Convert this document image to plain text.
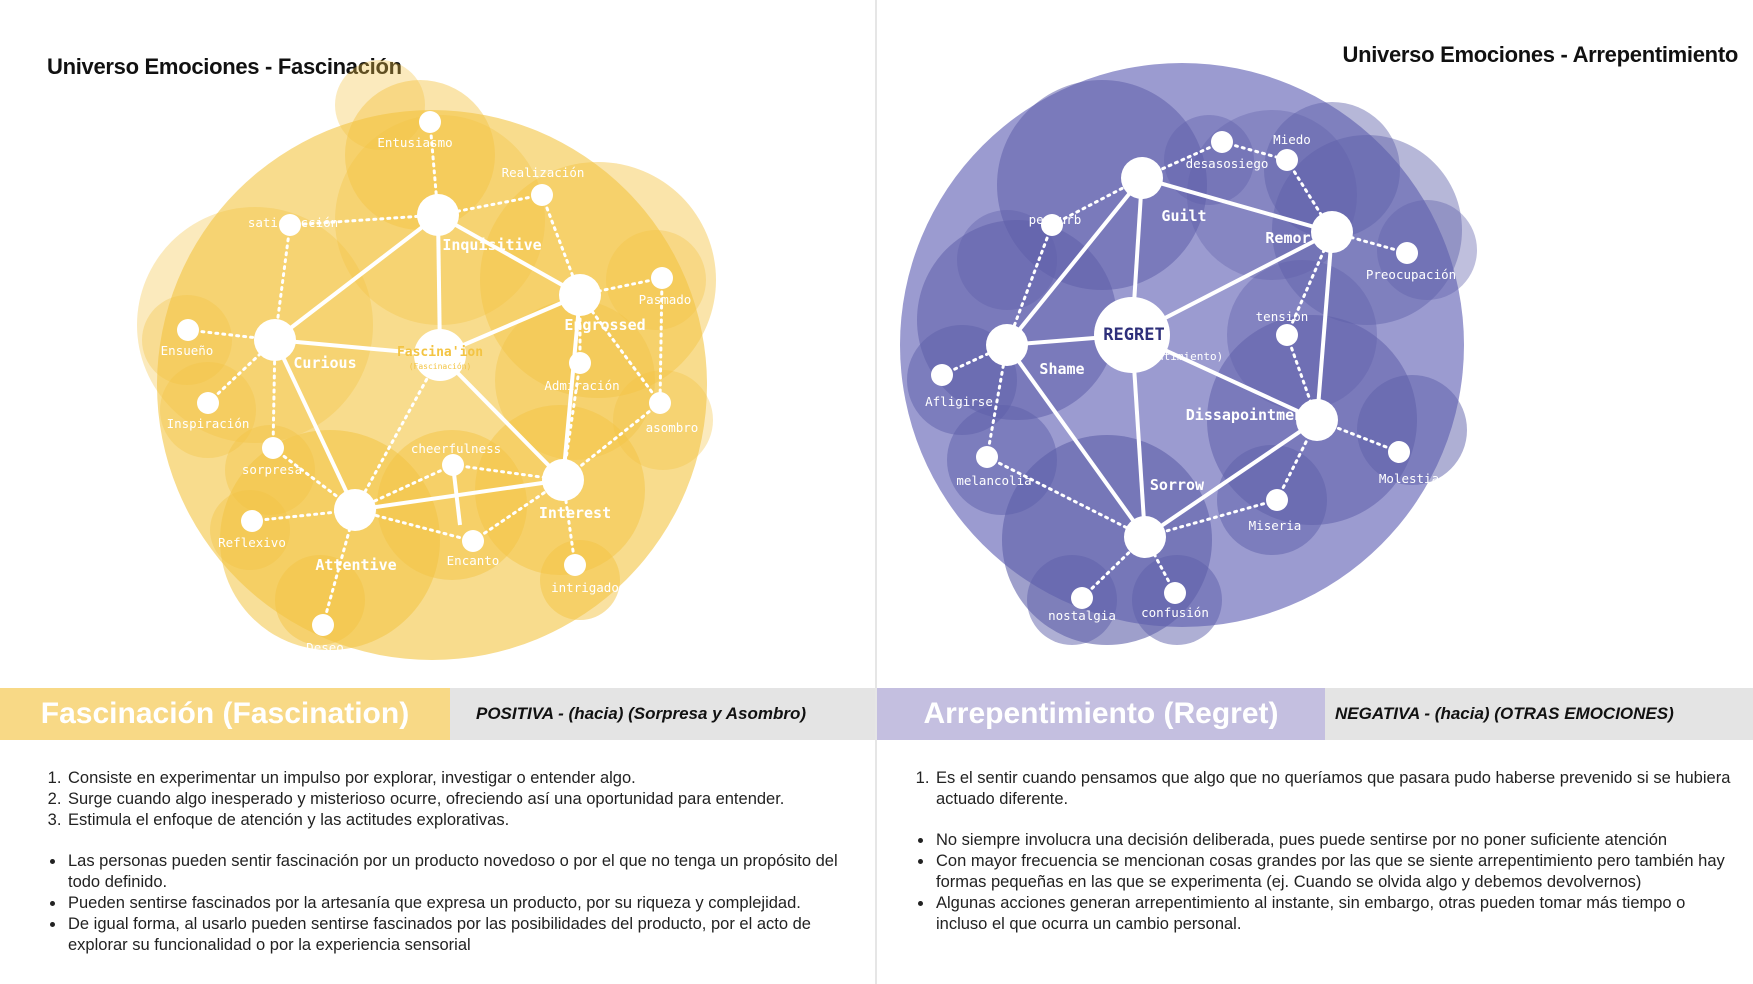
Universo Emociones - Fascinación
Fascina'ion
(Fascinación)
Inquisitive
Engrossed
Curious
Attentive
Interest
Entusiasmo
Realización
satisfacción
Pasmado
Ensueño
Admiración
Inspiración	asombro
cheerfulness
sorpresa
Reflexivo
Encanto
intrigado
Deseo
Fascinación (Fascination)	POSITIVA - (hacia) (Sorpresa y Asombro)
1. Consiste en experimentar un impulso por explorar, investigar o entender algo.
2. Surge cuando algo inesperado y misterioso ocurre, ofreciendo así una oportunidad para entender.
3. Estimula el enfoque de atención y las actitudes explorativas.
• Las personas pueden sentir fascinación por un producto novedoso o por el que no tenga un propósito del todo definido.
• Pueden sentirse fascinados por la artesanía que expresa un producto, por su riqueza y complejidad.
• De igual forma, al usarlo pueden sentirse fascinados por las posibilidades del producto, por el acto de explorar su funcionalidad o por la experiencia sensorial
Universo Emociones - Arrepentimiento
REGRET
(Arrepentimiento)
Guilt
Remorse
Shame
Dissapointment
Sorrow
desasosiego
Miedo
perturb
Preocupación
tension
Afligirse
melancolia	Molestia
Miseria
nostalgia confusión
Arrepentimiento (Regret)	NEGATIVA - (hacia) (OTRAS EMOCIONES)
1. Es el sentir cuando pensamos que algo que no queríamos que pasara pudo haberse prevenido si se hubiera actuado diferente.
• No siempre involucra una decisión deliberada, pues puede sentirse por no poner suficiente atención
• Con mayor frecuencia se mencionan cosas grandes por las que se siente arrepentimiento pero también hay formas pequeñas en las que se experimenta (ej. Cuando se olvida algo y debemos devolvernos)
• Algunas acciones generan arrepentimiento al instante, sin embargo, otras pueden tomar más tiempo o incluso el que ocurra un cambio personal.
